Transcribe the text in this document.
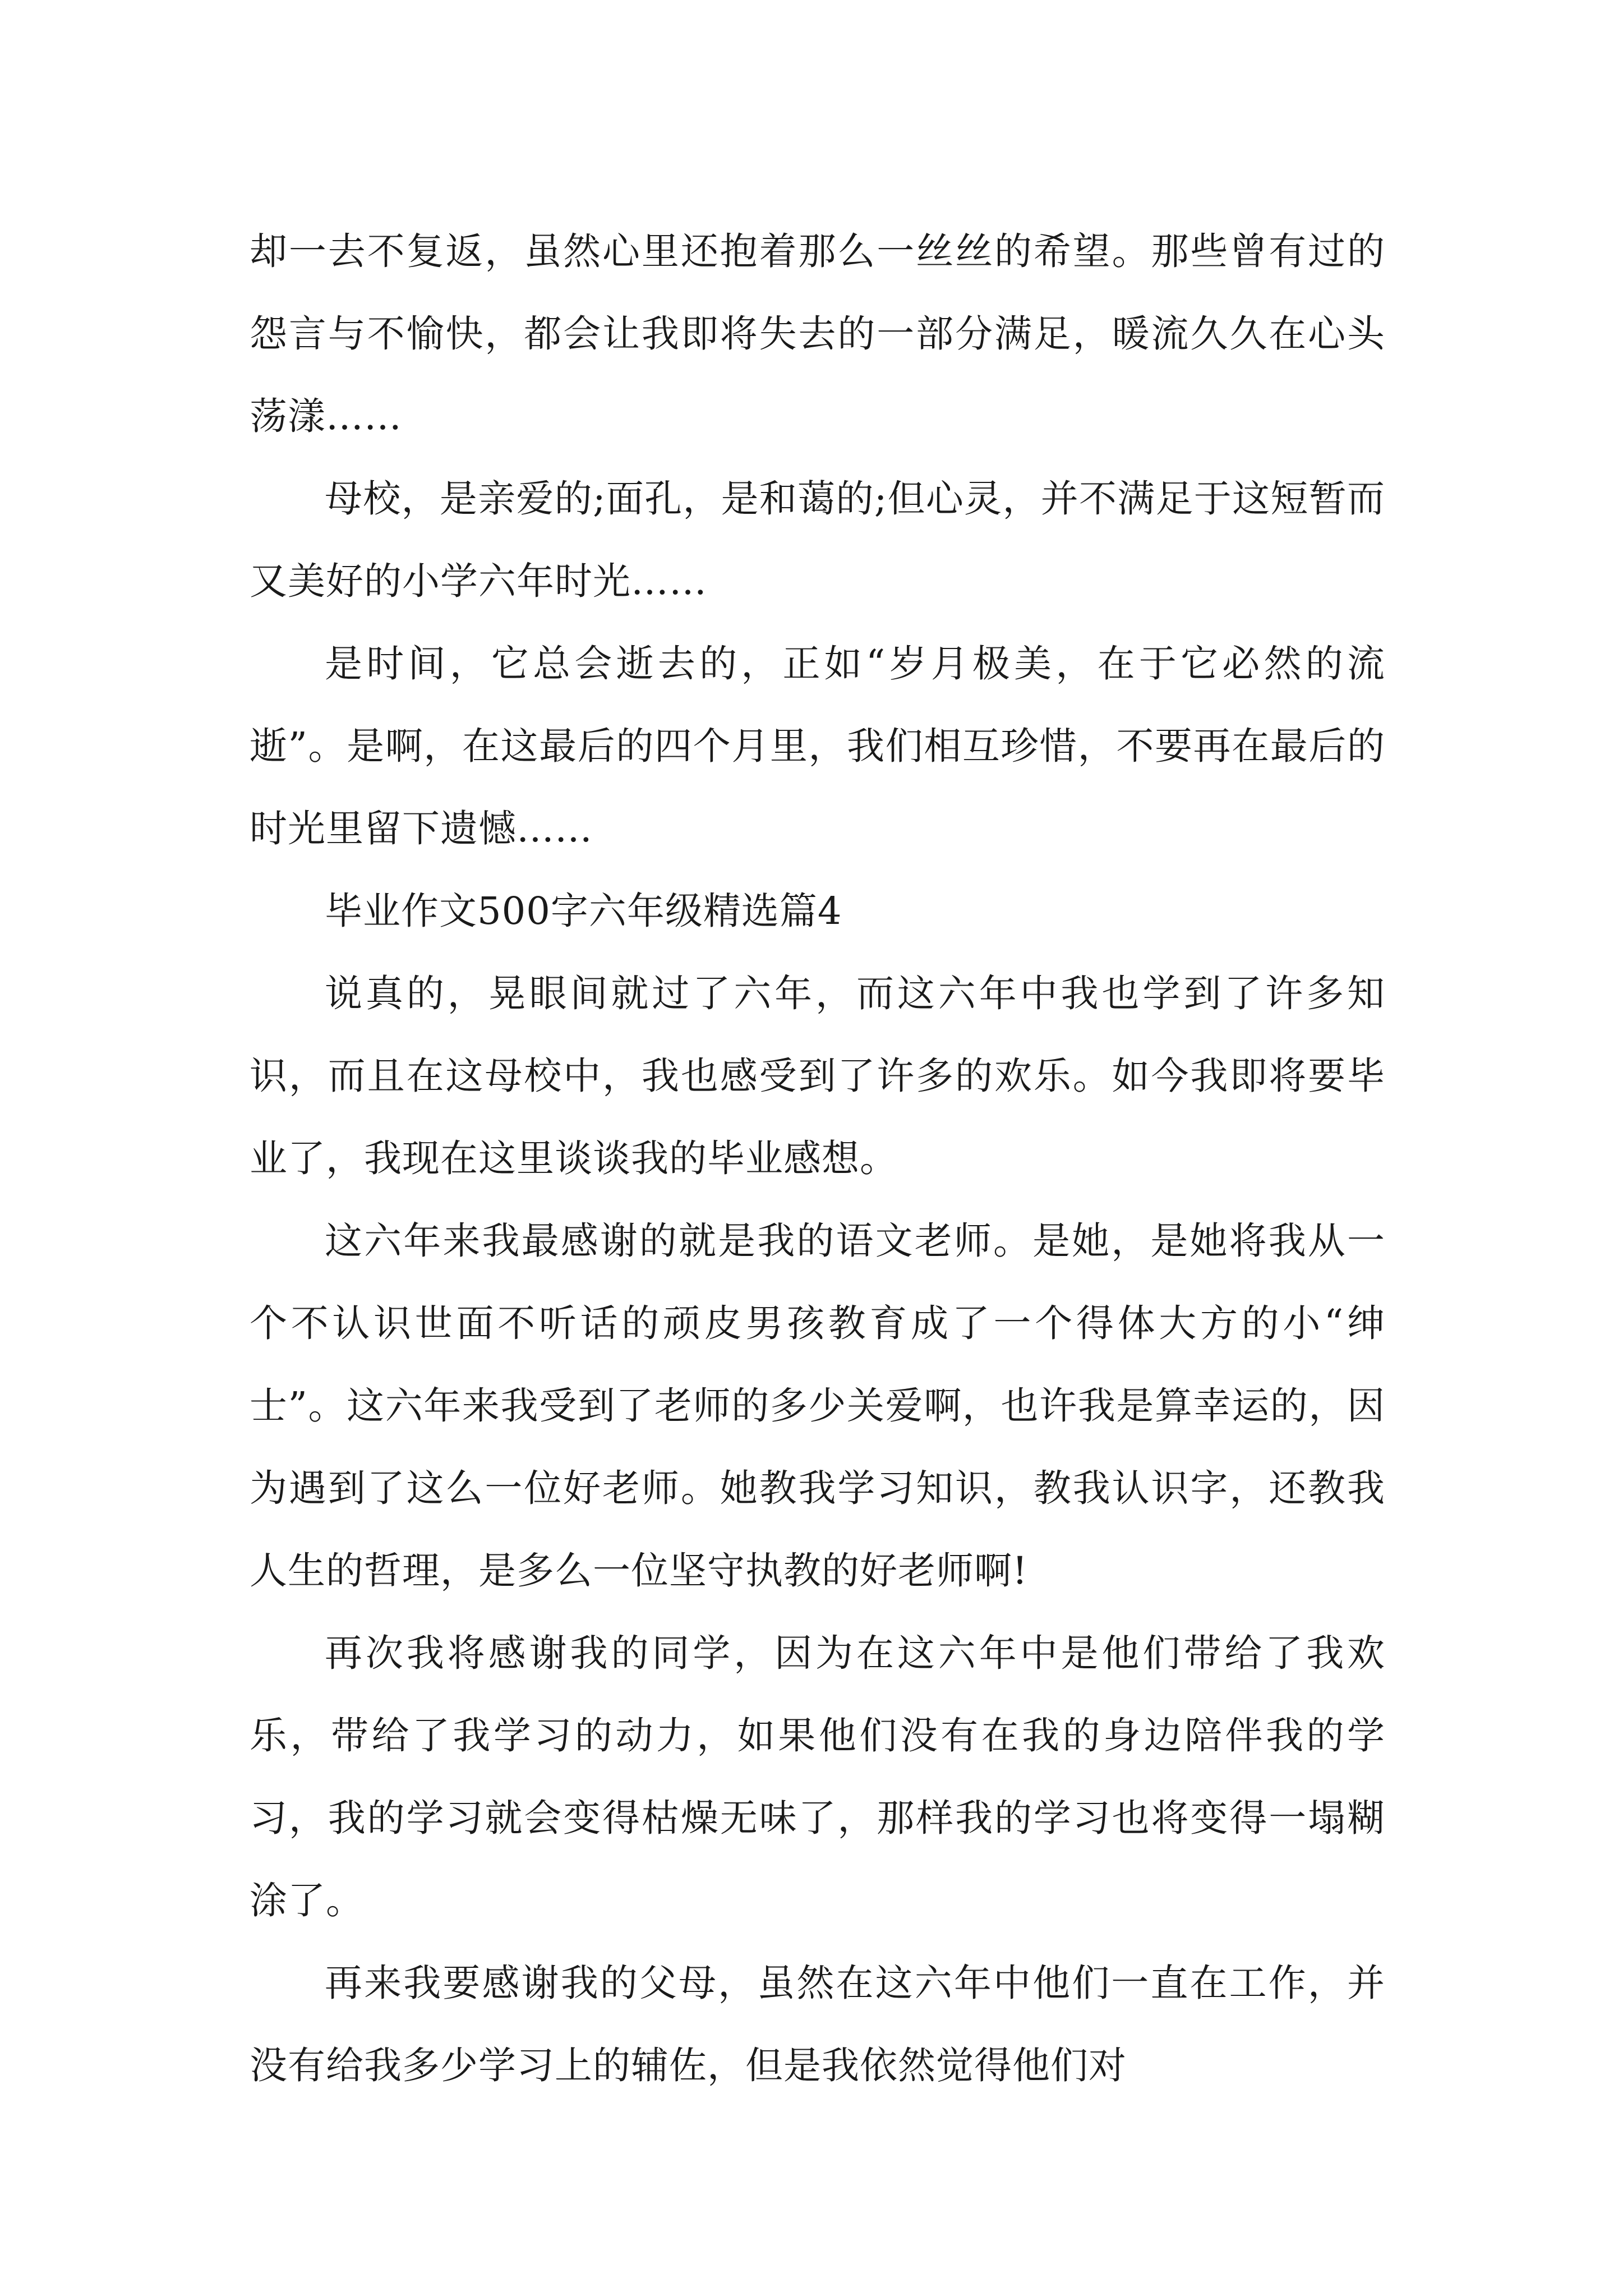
却一去不复返，虽然心里还抱着那么一丝丝的希望。那些曾有过的怨言与不愉快，都会让我即将失去的一部分满足，暖流久久在心头荡漾……

母校，是亲爱的;面孔，是和蔼的;但心灵，并不满足于这短暂而又美好的小学六年时光……

是时间，它总会逝去的，正如“岁月极美，在于它必然的流逝”。是啊，在这最后的四个月里，我们相互珍惜，不要再在最后的时光里留下遗憾……

毕业作文500字六年级精选篇4

说真的，晃眼间就过了六年，而这六年中我也学到了许多知识，而且在这母校中，我也感受到了许多的欢乐。如今我即将要毕业了，我现在这里谈谈我的毕业感想。

这六年来我最感谢的就是我的语文老师。是她，是她将我从一个不认识世面不听话的顽皮男孩教育成了一个得体大方的小“绅士”。这六年来我受到了老师的多少关爱啊，也许我是算幸运的，因为遇到了这么一位好老师。她教我学习知识，教我认识字，还教我人生的哲理，是多么一位坚守执教的好老师啊!

再次我将感谢我的同学，因为在这六年中是他们带给了我欢乐，带给了我学习的动力，如果他们没有在我的身边陪伴我的学习，我的学习就会变得枯燥无味了，那样我的学习也将变得一塌糊涂了。

再来我要感谢我的父母，虽然在这六年中他们一直在工作，并没有给我多少学习上的辅佐，但是我依然觉得他们对
